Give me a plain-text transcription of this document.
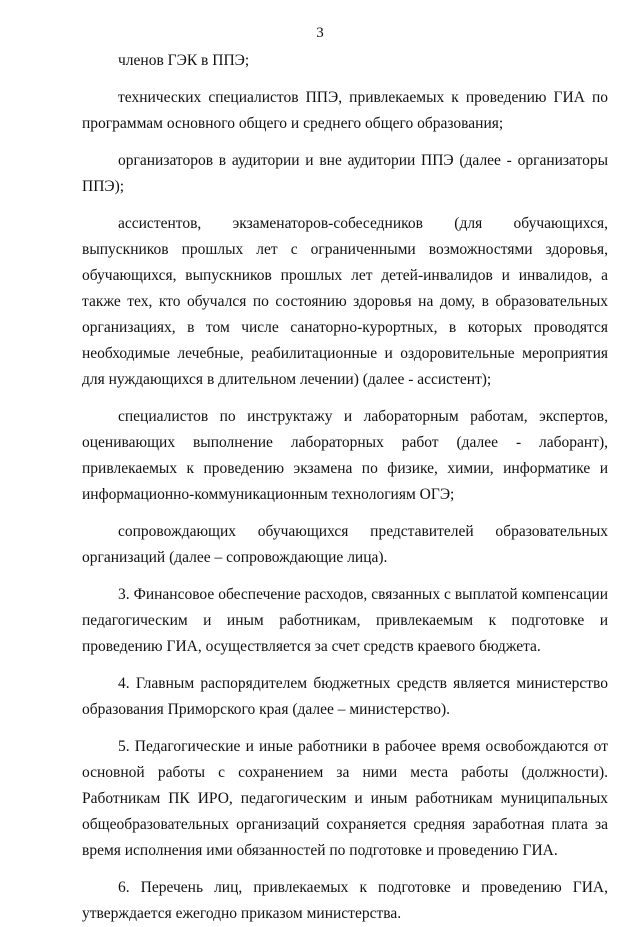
3

членов ГЭК в ППЭ;

технических специалистов ППЭ, привлекаемых к проведению ГИА по программам основного общего и среднего общего образования;

организаторов в аудитории и вне аудитории ППЭ (далее - организаторы ППЭ);

ассистентов, экзаменаторов-собеседников (для обучающихся, выпускников прошлых лет с ограниченными возможностями здоровья, обучающихся, выпускников прошлых лет детей-инвалидов и инвалидов, а также тех, кто обучался по состоянию здоровья на дому, в образовательных организациях, в том числе санаторно-курортных, в которых проводятся необходимые лечебные, реабилитационные и оздоровительные мероприятия для нуждающихся в длительном лечении) (далее - ассистент);

специалистов по инструктажу и лабораторным работам, экспертов, оценивающих выполнение лабораторных работ (далее - лаборант), привлекаемых к проведению экзамена по физике, химии, информатике и информационно-коммуникационным технологиям ОГЭ;

сопровождающих обучающихся представителей образовательных организаций (далее – сопровождающие лица).

3. Финансовое обеспечение расходов, связанных с выплатой компенсации педагогическим и иным работникам, привлекаемым к подготовке и проведению ГИА, осуществляется за счет средств краевого бюджета.

4. Главным распорядителем бюджетных средств является министерство образования Приморского края (далее – министерство).

5. Педагогические и иные работники в рабочее время освобождаются от основной работы с сохранением за ними места работы (должности). Работникам ПК ИРО, педагогическим и иным работникам муниципальных общеобразовательных организаций сохраняется средняя заработная плата за время исполнения ими обязанностей по подготовке и проведению ГИА.

6. Перечень лиц, привлекаемых к подготовке и проведению ГИА, утверждается ежегодно приказом министерства.
